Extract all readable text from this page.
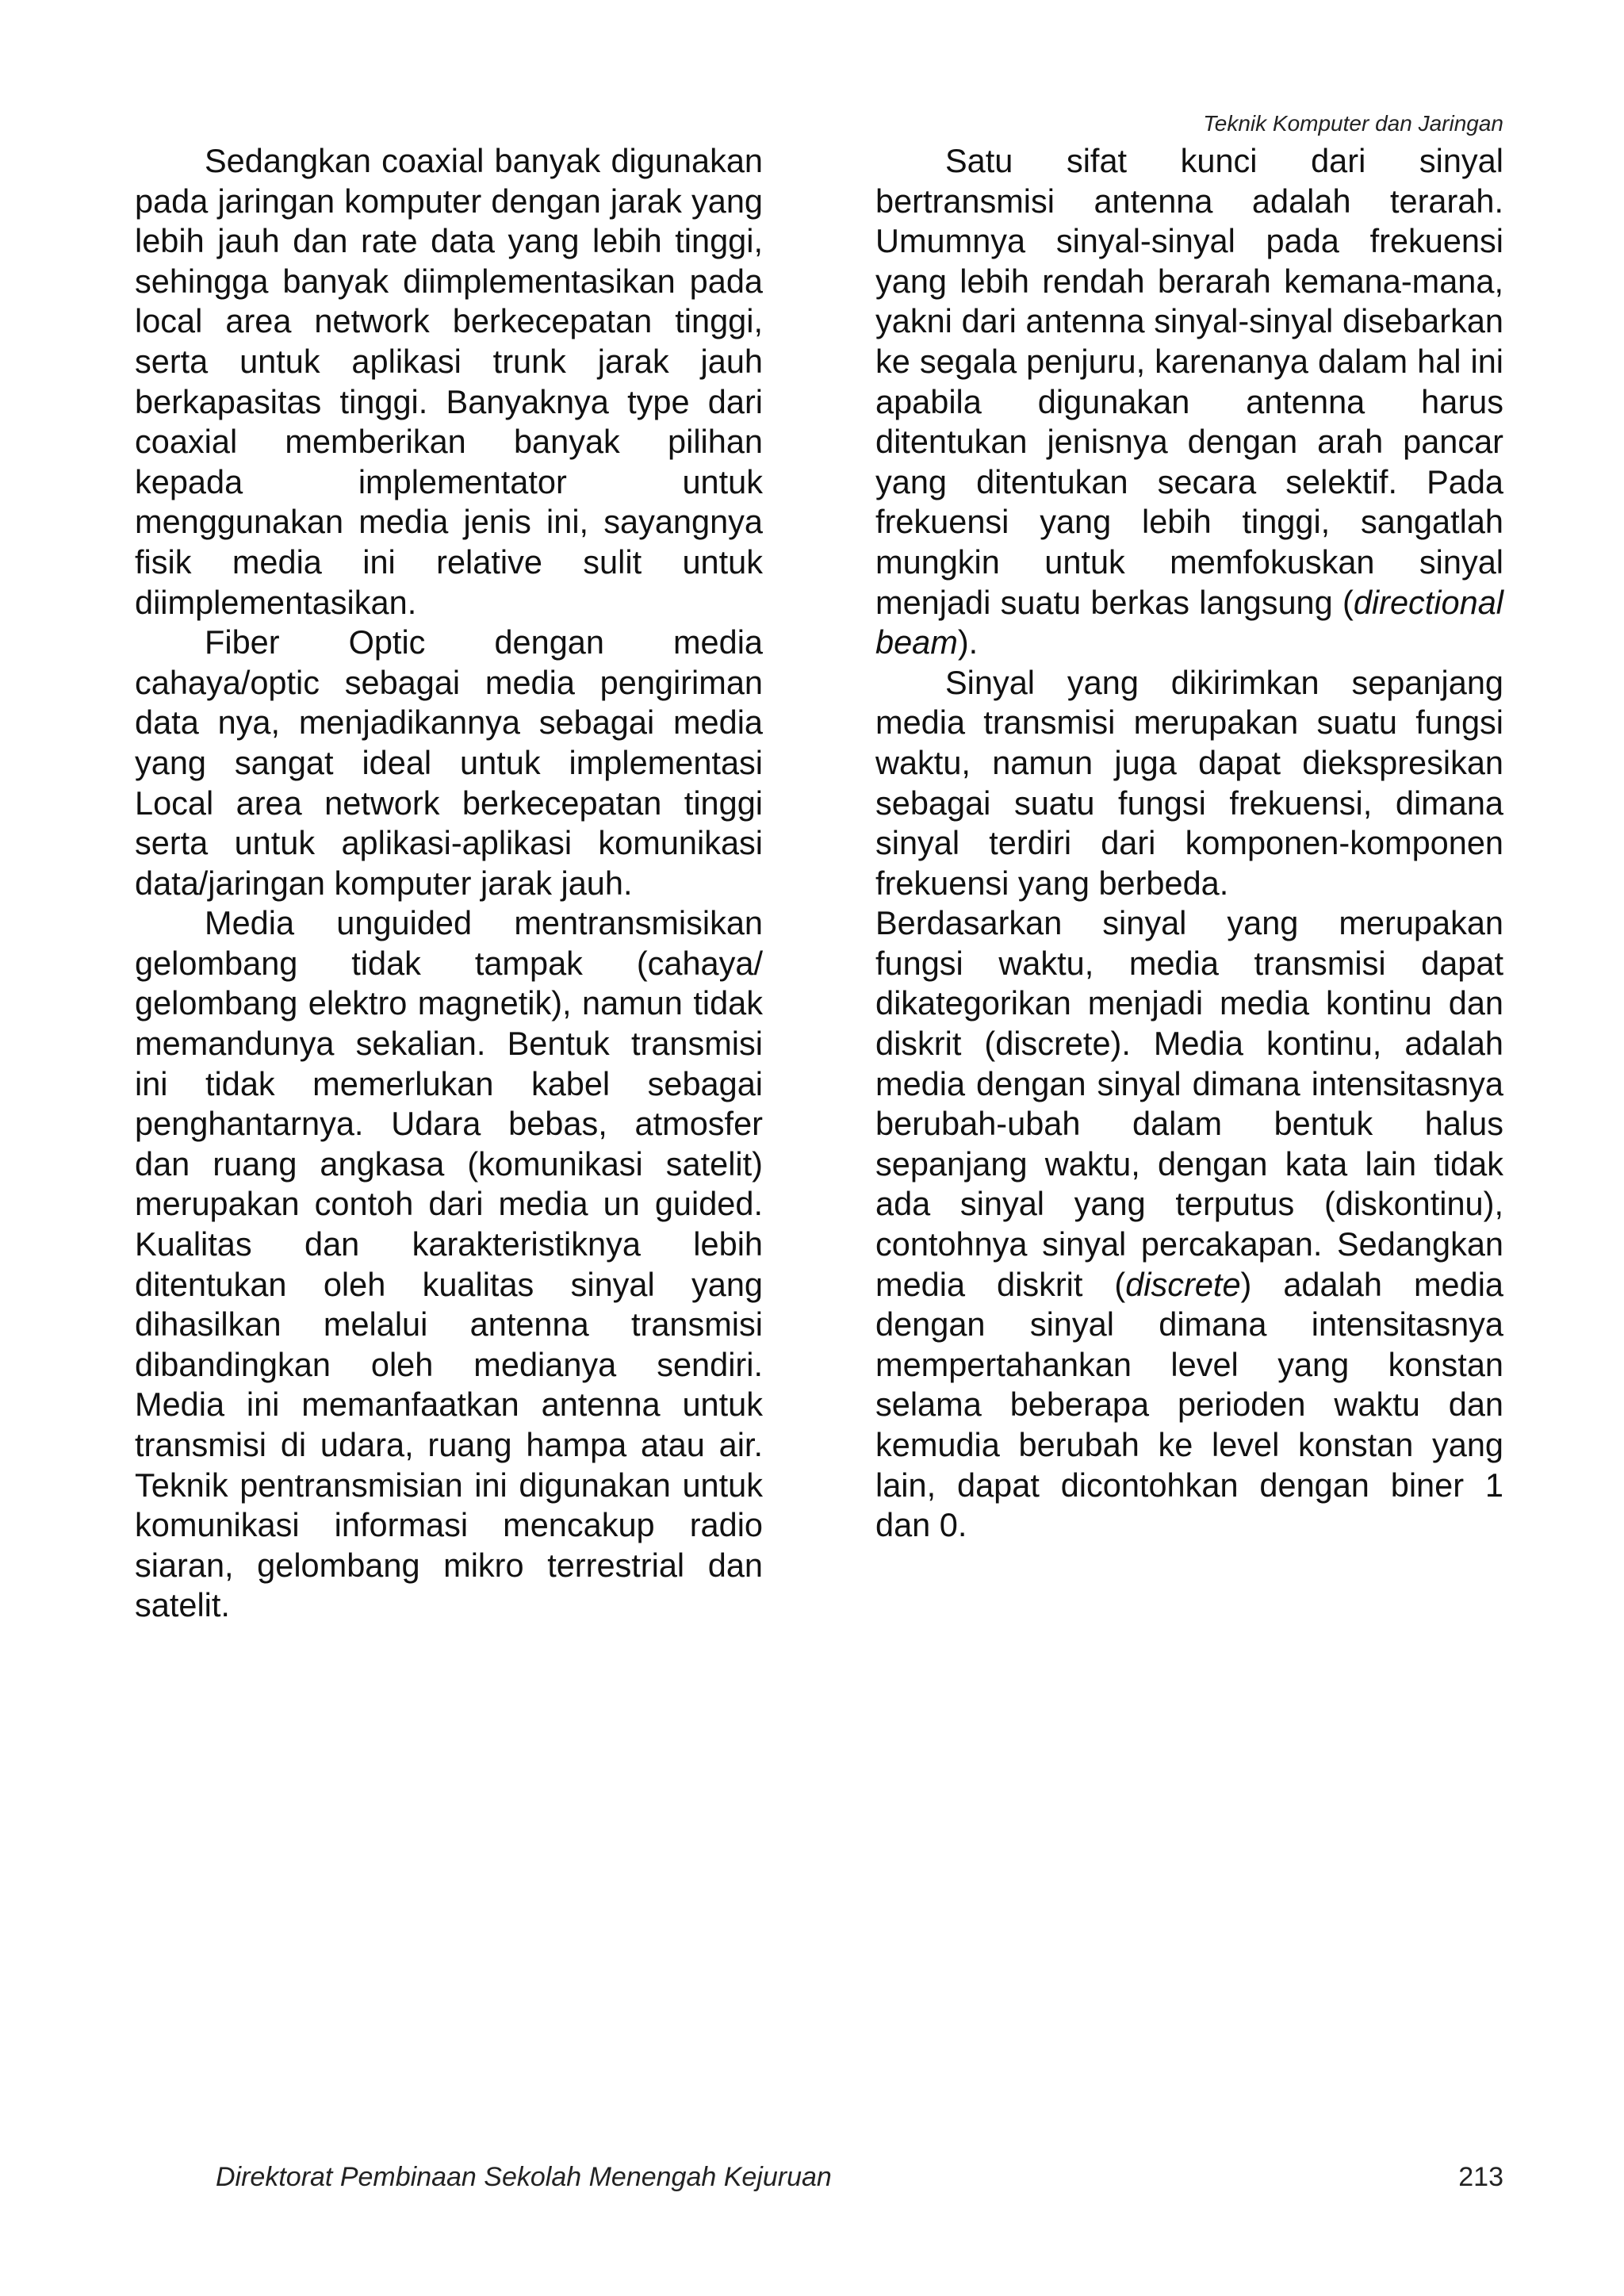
Teknik Komputer dan Jaringan

Sedangkan coaxial banyak digunakan pada jaringan komputer dengan jarak yang lebih jauh dan rate data yang lebih tinggi, sehingga banyak diimplementasikan pada local area network berkecepatan tinggi, serta untuk aplikasi trunk jarak jauh berkapasitas tinggi. Banyaknya type dari coaxial memberikan banyak pilihan kepada implementator untuk menggunakan media jenis ini, sayangnya fisik media ini relative sulit untuk diimplementasikan.

Fiber Optic dengan media cahaya/optic sebagai media pengiriman data nya, menjadikannya sebagai media yang sangat ideal untuk implementasi Local area network berkecepatan tinggi serta untuk aplikasi-aplikasi komunikasi data/jaringan komputer jarak jauh.

Media unguided mentransmisikan gelombang tidak tampak (cahaya/ gelombang elektro magnetik), namun tidak memandunya sekalian. Bentuk transmisi ini tidak memerlukan kabel sebagai penghantarnya. Udara bebas, atmosfer dan ruang angkasa (komunikasi satelit) merupakan contoh dari media un guided. Kualitas dan karakteristiknya lebih ditentukan oleh kualitas sinyal yang dihasilkan melalui antenna transmisi dibandingkan oleh medianya sendiri. Media ini memanfaatkan antenna untuk transmisi di udara, ruang hampa atau air. Teknik pentransmisian ini digunakan untuk komunikasi informasi mencakup radio siaran, gelombang mikro terrestrial dan satelit.

Satu sifat kunci dari sinyal bertransmisi antenna adalah terarah. Umumnya sinyal-sinyal pada frekuensi yang lebih rendah berarah kemana-mana, yakni dari antenna sinyal-sinyal disebarkan ke segala penjuru, karenanya dalam hal ini apabila digunakan antenna harus ditentukan jenisnya dengan arah pancar yang ditentukan secara selektif. Pada frekuensi yang lebih tinggi, sangatlah mungkin untuk memfokuskan sinyal menjadi suatu berkas langsung (directional beam).

Sinyal yang dikirimkan sepanjang media transmisi merupakan suatu fungsi waktu, namun juga dapat diekspresikan sebagai suatu fungsi frekuensi, dimana sinyal terdiri dari komponen-komponen frekuensi yang berbeda.

Berdasarkan sinyal yang merupakan fungsi waktu, media transmisi dapat dikategorikan menjadi media kontinu dan diskrit (discrete). Media kontinu, adalah media dengan sinyal dimana intensitasnya berubah-ubah dalam bentuk halus sepanjang waktu, dengan kata lain tidak ada sinyal yang terputus (diskontinu), contohnya sinyal percakapan. Sedangkan media diskrit (discrete) adalah media dengan sinyal dimana intensitasnya mempertahankan level yang konstan selama beberapa perioden waktu dan kemudia berubah ke level konstan yang lain, dapat dicontohkan dengan biner 1 dan 0.

Direktorat Pembinaan Sekolah Menengah Kejuruan	213
